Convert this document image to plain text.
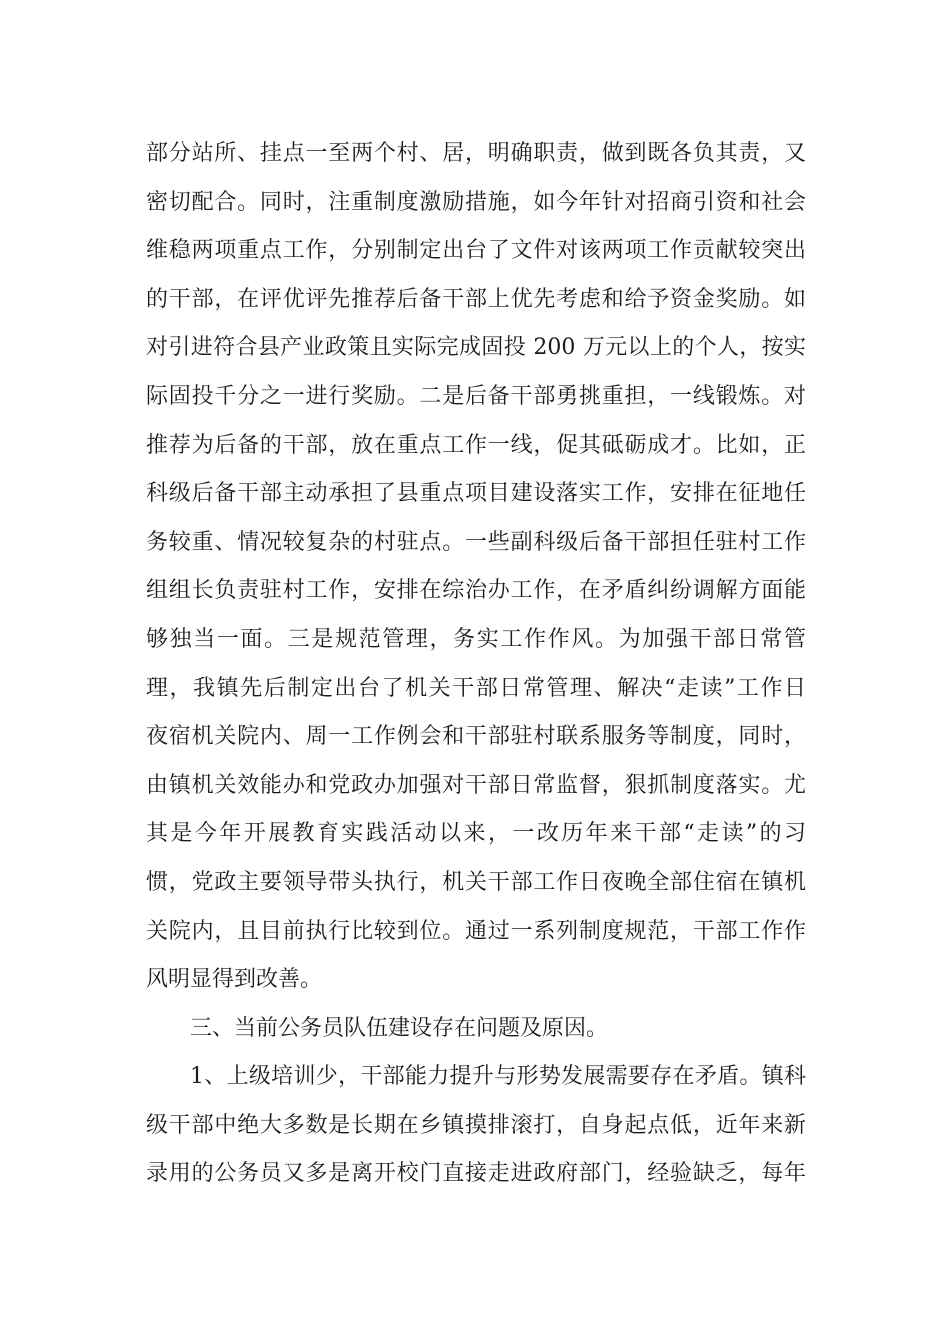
部分站所、挂点一至两个村、居，明确职责，做到既各负其责，又
密切配合。同时，注重制度激励措施，如今年针对招商引资和社会
维稳两项重点工作，分别制定出台了文件对该两项工作贡献较突出
的干部，在评优评先推荐后备干部上优先考虑和给予资金奖励。如
对引进符合县产业政策且实际完成固投 200 万元以上的个人，按实
际固投千分之一进行奖励。二是后备干部勇挑重担，一线锻炼。对
推荐为后备的干部，放在重点工作一线，促其砥砺成才。比如，正
科级后备干部主动承担了县重点项目建设落实工作，安排在征地任
务较重、情况较复杂的村驻点。一些副科级后备干部担任驻村工作
组组长负责驻村工作，安排在综治办工作，在矛盾纠纷调解方面能
够独当一面。三是规范管理，务实工作作风。为加强干部日常管
理，我镇先后制定出台了机关干部日常管理、解决“走读”工作日
夜宿机关院内、周一工作例会和干部驻村联系服务等制度，同时，
由镇机关效能办和党政办加强对干部日常监督，狠抓制度落实。尤
其是今年开展教育实践活动以来，一改历年来干部“走读”的习
惯，党政主要领导带头执行，机关干部工作日夜晚全部住宿在镇机
关院内，且目前执行比较到位。通过一系列制度规范，干部工作作
风明显得到改善。
三、当前公务员队伍建设存在问题及原因。
1、上级培训少，干部能力提升与形势发展需要存在矛盾。镇科
级干部中绝大多数是长期在乡镇摸排滚打，自身起点低，近年来新
录用的公务员又多是离开校门直接走进政府部门，经验缺乏，每年
